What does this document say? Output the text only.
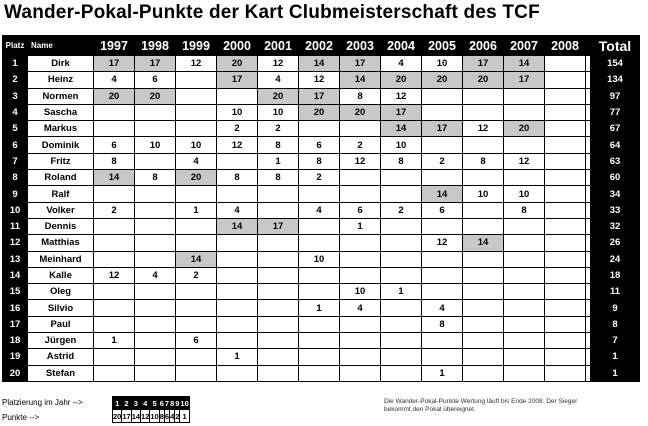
Wander-Pokal-Punkte der Kart Clubmeisterschaft des TCF
Platz	Name	1997	1998	1999	2000	2001	2002	2003	2004	2005	2006	2007	2008		Total
1	Dirk	17	17	12	20	12	14	17	4	10	17	14			154
2	Heinz	4	6		17	4	12	14	20	20	20	17			134
3	Normen	20	20			20	17	8	12						97
4	Sascha				10	10	20	20	17						77
5	Markus				2	2			14	17	12	20			67
6	Dominik	6	10	10	12	8	6	2	10						64
7	Fritz	8		4		1	8	12	8	2	8	12			63
8	Roland	14	8	20	8	8	2								60
9	Ralf									14	10	10			34
10	Volker	2		1	4		4	6	2	6		8			33
11	Dennis				14	17		1							32
12	Matthias									12	14				26
13	Meinhard			14			10								24
14	Kalle	12	4	2											18
15	Oleg							10	1						11
16	Silvio						1	4		4					9
17	Paul									8					8
18	Jürgen	1		6											7
19	Astrid				1										1
20	Stefan									1					1
Platzierung im Jahr -->
Punkte -->
1	2	3	4	5	6	7	8	9	10
20	17	14	12	10	8	6	4	2	1
Die Wander-Pokal-Punkte Wertung läuft bis Ende 2008. Der Sieger bekommt den Pokal übereignet.
